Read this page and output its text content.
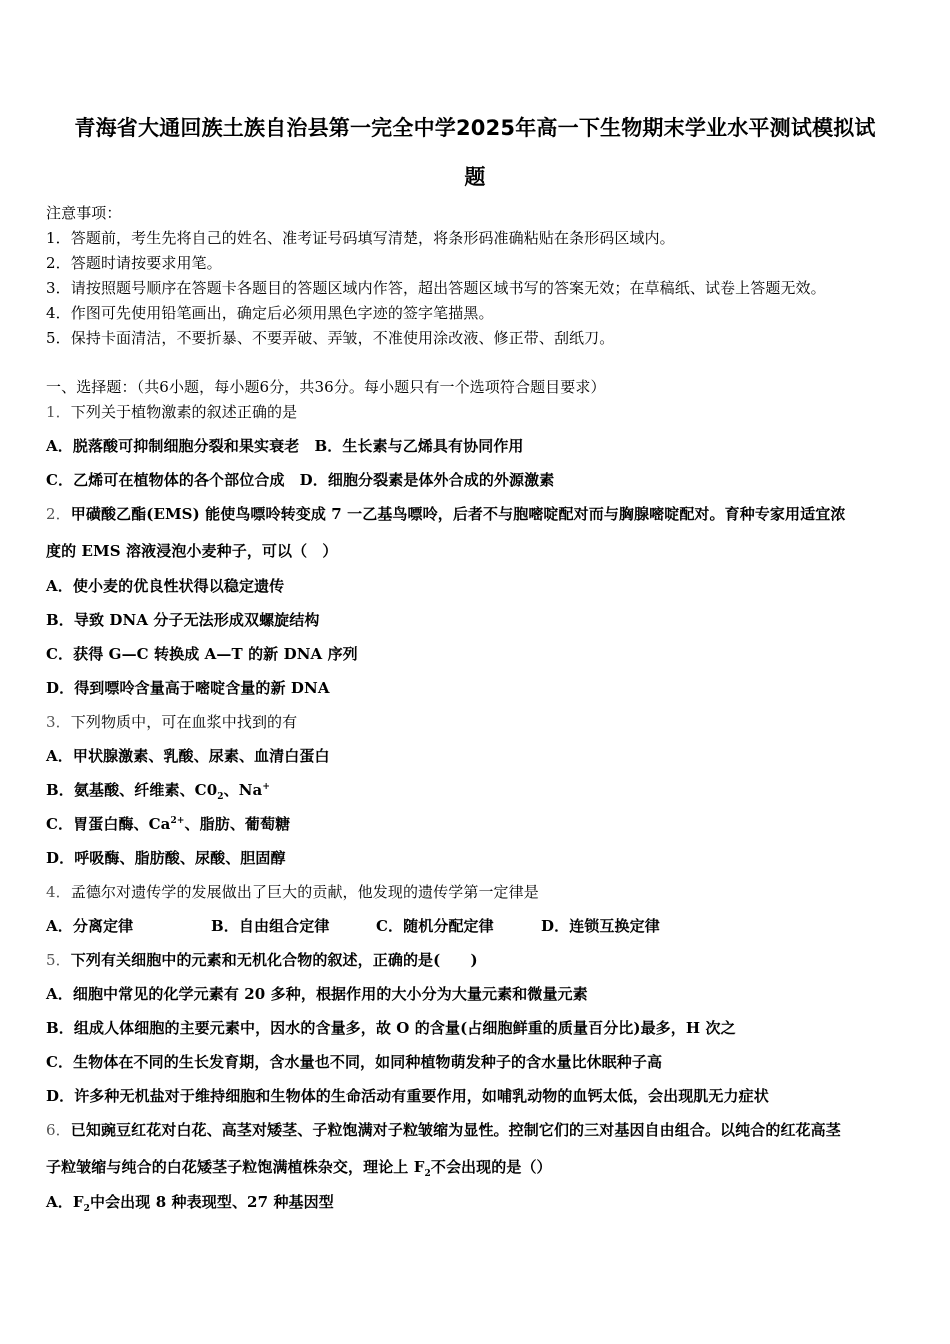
青海省大通回族土族自治县第一完全中学2025年高一下生物期末学业水平测试模拟试
题
注意事项：
1．答题前，考生先将自己的姓名、准考证号码填写清楚，将条形码准确粘贴在条形码区域内。
2．答题时请按要求用笔。
3．请按照题号顺序在答题卡各题目的答题区域内作答，超出答题区域书写的答案无效；在草稿纸、试卷上答题无效。
4．作图可先使用铅笔画出，确定后必须用黑色字迹的签字笔描黑。
5．保持卡面清洁，不要折暴、不要弄破、弄皱，不准使用涂改液、修正带、刮纸刀。
一、选择题：（共6小题，每小题6分，共36分。每小题只有一个选项符合题目要求）
1．下列关于植物激素的叙述正确的是
A．脱落酸可抑制细胞分裂和果实衰老　B．生长素与乙烯具有协同作用
C．乙烯可在植物体的各个部位合成　D．细胞分裂素是体外合成的外源激素
2．甲磺酸乙酯(EMS) 能使鸟嘌呤转变成 7 一乙基鸟嘌呤，后者不与胞嘧啶配对而与胸腺嘧啶配对。育种专家用适宜浓
度的 EMS 溶液浸泡小麦种子，可以（　）
A．使小麦的优良性状得以稳定遗传
B．导致 DNA 分子无法形成双螺旋结构
C．获得 G—C 转换成 A—T 的新 DNA 序列
D．得到嘌呤含量高于嘧啶含量的新 DNA
3．下列物质中，可在血浆中找到的有
A．甲状腺激素、乳酸、尿素、血清白蛋白
B．氨基酸、纤维素、$C0_2$、Na+
C．胃蛋白酶、$Ca^{2+}$、脂肪、葡萄糖
D．呼吸酶、脂肪酸、尿酸、胆固醇
4．孟德尔对遗传学的发展做出了巨大的贡献，他发现的遗传学第一定律是
A．分离定律	B．自由组合定律	C．随机分配定律	D．连锁互换定律
5．下列有关细胞中的元素和无机化合物的叙述，正确的是(　　)
A．细胞中常见的化学元素有 20 多种，根据作用的大小分为大量元素和微量元素
B．组成人体细胞的主要元素中，因水的含量多，故 O 的含量(占细胞鲜重的质量百分比)最多，H 次之
C．生物体在不同的生长发育期，含水量也不同，如同种植物萌发种子的含水量比休眠种子高
D．许多种无机盐对于维持细胞和生物体的生命活动有重要作用，如哺乳动物的血钙太低，会出现肌无力症状
6．已知豌豆红花对白花、高茎对矮茎、子粒饱满对子粒皱缩为显性。控制它们的三对基因自由组合。以纯合的红花高茎
子粒皱缩与纯合的白花矮茎子粒饱满植株杂交，理论上 $F_2$不会出现的是（）
A．$F_2$中会出现 8 种表现型、27 种基因型
